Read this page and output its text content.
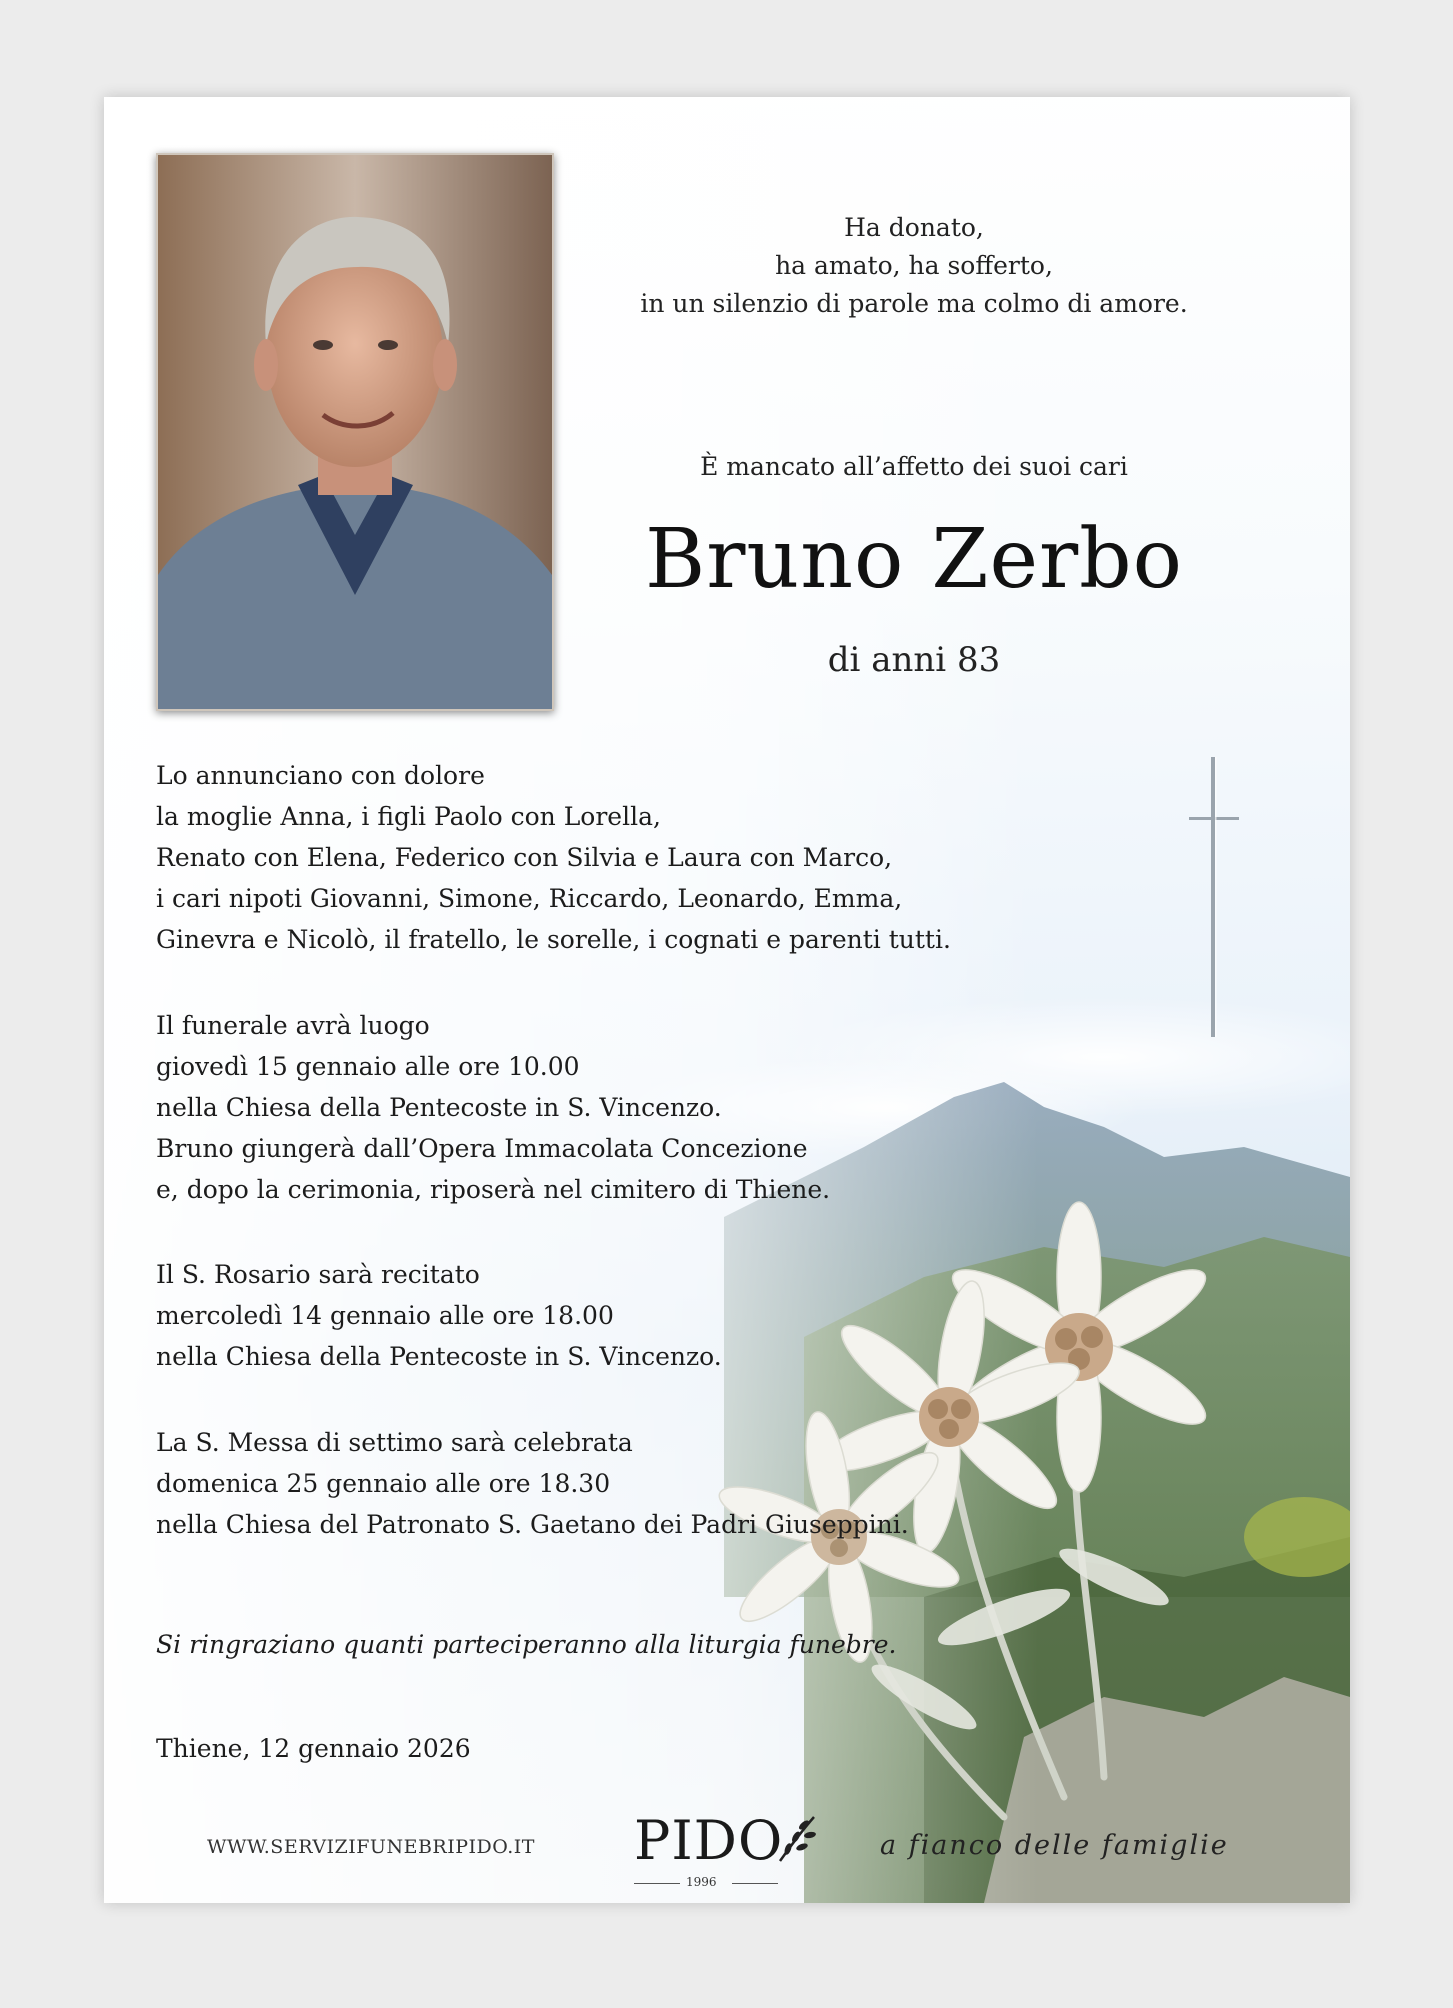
Ha donato,
ha amato, ha sofferto,
in un silenzio di parole ma colmo di amore.
È mancato all’affetto dei suoi cari
Bruno Zerbo
di anni 83
Lo annunciano con dolore
la moglie Anna, i figli Paolo con Lorella,
Renato con Elena, Federico con Silvia e Laura con Marco,
i cari nipoti Giovanni, Simone, Riccardo, Leonardo, Emma,
Ginevra e Nicolò, il fratello, le sorelle, i cognati e parenti tutti.
Il funerale avrà luogo
giovedì 15 gennaio alle ore 10.00
nella Chiesa della Pentecoste in S. Vincenzo.
Bruno giungerà dall’Opera Immacolata Concezione
e, dopo la cerimonia, riposerà nel cimitero di Thiene.
Il S. Rosario sarà recitato
mercoledì 14 gennaio alle ore 18.00
nella Chiesa della Pentecoste in S. Vincenzo.
La S. Messa di settimo sarà celebrata
domenica 25 gennaio alle ore 18.30
nella Chiesa del Patronato S. Gaetano dei Padri Giuseppini.
Si ringraziano quanti parteciperanno alla liturgia funebre.
Thiene, 12 gennaio 2026
WWW.SERVIZIFUNEBRIPIDO.IT PIDO
1996
a fianco delle famiglie
